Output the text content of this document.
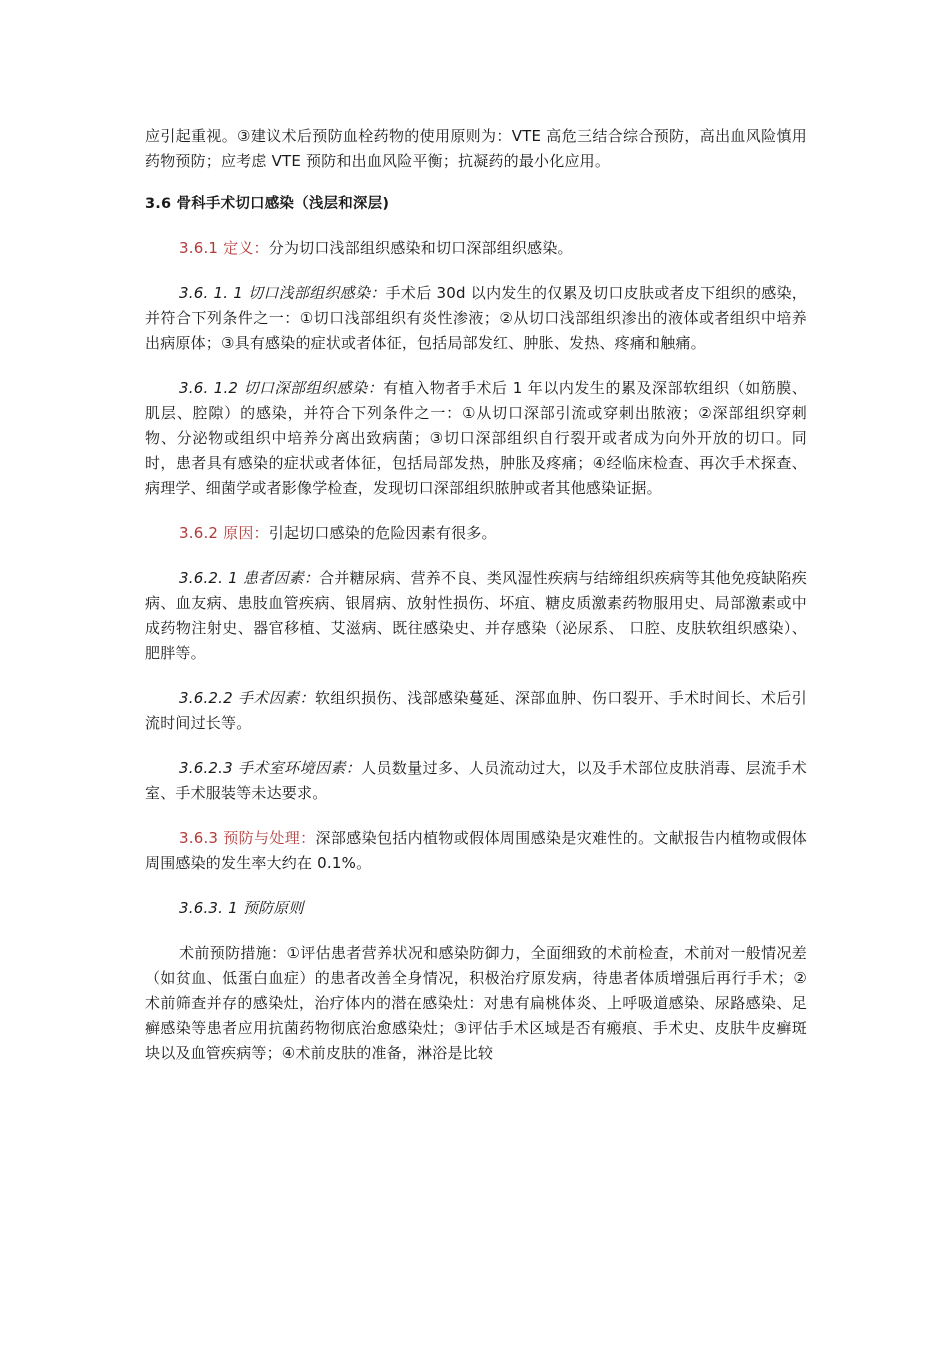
应引起重视。③建议术后预防血栓药物的使用原则为：VTE 高危三结合综合预防，高出血风险慎用药物预防；应考虑 VTE 预防和出血风险平衡；抗凝药的最小化应用。

3.6 骨科手术切口感染（浅层和深层)

3.6.1 定义：分为切口浅部组织感染和切口深部组织感染。

3.6. 1. 1 切口浅部组织感染：手术后 30d 以内发生的仅累及切口皮肤或者皮下组织的感染，并符合下列条件之一：①切口浅部组织有炎性渗液；②从切口浅部组织渗出的液体或者组织中培养出病原体；③具有感染的症状或者体征，包括局部发红、肿胀、发热、疼痛和触痛。

3.6. 1.2 切口深部组织感染：有植入物者手术后 1 年以内发生的累及深部软组织（如筋膜、肌层、腔隙）的感染，并符合下列条件之一：①从切口深部引流或穿刺出脓液；②深部组织穿刺物、分泌物或组织中培养分离出致病菌；③切口深部组织自行裂开或者成为向外开放的切口。同时，患者具有感染的症状或者体征，包括局部发热，肿胀及疼痛；④经临床检查、再次手术探查、病理学、细菌学或者影像学检查，发现切口深部组织脓肿或者其他感染证据。

3.6.2 原因：引起切口感染的危险因素有很多。

3.6.2. 1 患者因素：合并糖尿病、营养不良、类风湿性疾病与结缔组织疾病等其他免疫缺陷疾病、血友病、患肢血管疾病、银屑病、放射性损伤、坏疽、糖皮质激素药物服用史、局部激素或中成药物注射史、器官移植、艾滋病、既往感染史、并存感染（泌尿系、 口腔、皮肤软组织感染）、肥胖等。

3.6.2.2 手术因素：软组织损伤、浅部感染蔓延、深部血肿、伤口裂开、手术时间长、术后引流时间过长等。

3.6.2.3 手术室环境因素：人员数量过多、人员流动过大，以及手术部位皮肤消毒、层流手术室、手术服装等未达要求。

3.6.3 预防与处理：深部感染包括内植物或假体周围感染是灾难性的。文献报告内植物或假体周围感染的发生率大约在 0.1%。

3.6.3. 1 预防原则

术前预防措施：①评估患者营养状况和感染防御力，全面细致的术前检查，术前对一般情况差（如贫血、低蛋白血症）的患者改善全身情况，积极治疗原发病，待患者体质增强后再行手术；②术前筛查并存的感染灶，治疗体内的潜在感染灶：对患有扁桃体炎、上呼吸道感染、尿路感染、足癣感染等患者应用抗菌药物彻底治愈感染灶；③评估手术区域是否有瘢痕、手术史、皮肤牛皮癣斑块以及血管疾病等；④术前皮肤的准备，淋浴是比较
